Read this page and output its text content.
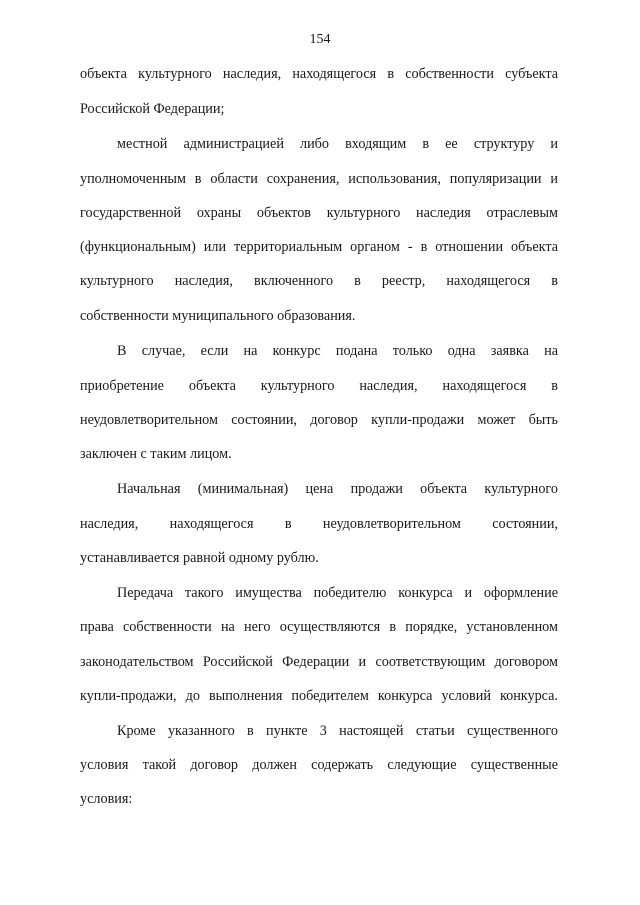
154
объекта культурного наследия, находящегося в собственности субъекта
Российской Федерации;
местной администрацией либо входящим в ее структуру и
уполномоченным в области сохранения, использования, популяризации и
государственной охраны объектов культурного наследия отраслевым
(функциональным) или территориальным органом - в отношении объекта
культурного наследия, включенного в реестр, находящегося в
собственности муниципального образования.
В случае, если на конкурс подана только одна заявка на
приобретение объекта культурного наследия, находящегося в
неудовлетворительном состоянии, договор купли-продажи может быть
заключен с таким лицом.
Начальная (минимальная) цена продажи объекта культурного
наследия, находящегося в неудовлетворительном состоянии,
устанавливается равной одному рублю.
Передача такого имущества победителю конкурса и оформление
права собственности на него осуществляются в порядке, установленном
законодательством Российской Федерации и соответствующим договором
купли-продажи, до выполнения победителем конкурса условий конкурса.
Кроме указанного в пункте 3 настоящей статьи существенного
условия такой договор должен содержать следующие существенные
условия:
